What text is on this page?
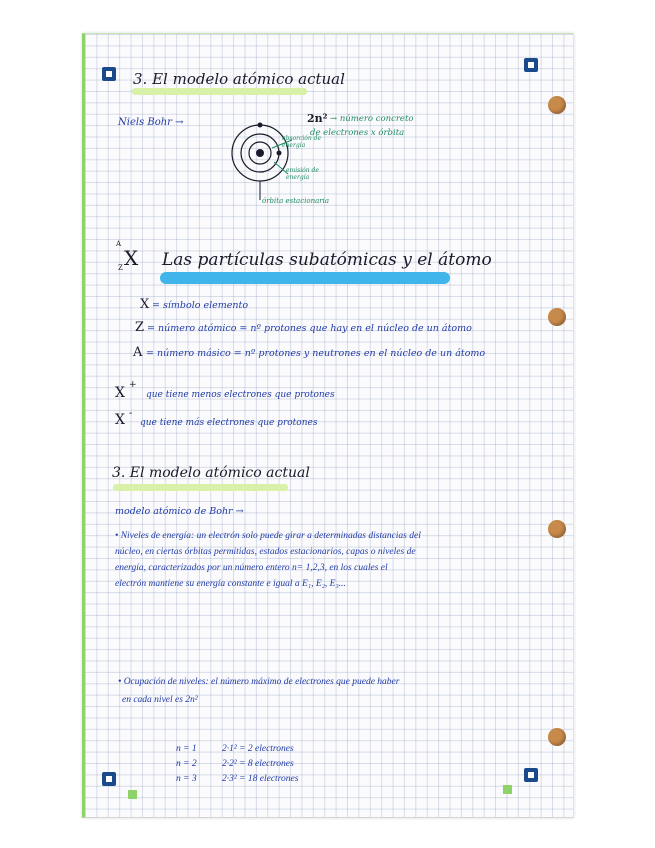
3. El modelo atómico actual
Niels Bohr →
absorción de energía
emisión de energía
órbita estacionaria
2n² → número concreto
de electrones x órbita
A
Z X Las partículas subatómicas y el átomo
X = símbolo elemento
Z = número atómico = nº protones que hay en el núcleo de un átomo
A = número másico = nº protones y neutrones en el núcleo de un átomo
X +
que tiene menos electrones que protones
X -
que tiene más electrones que protones
3. El modelo atómico actual
modelo atómico de Bohr →
• Niveles de energía: un electrón solo puede girar a determinadas distancias del
núcleo, en ciertas órbitas permitidas, estados estacionarios, capas o niveles de
energía, caracterizados por un número entero n= 1,2,3, en los cuales el
electrón mantiene su energía constante e igual a E₁, E₂, E₃...
• Ocupación de niveles: el número máximo de electrones que puede haber
en cada nivel es 2n²
n = 1	2·1² = 2 electrones
n = 2	2·2² = 8 electrones
n = 3	2·3² = 18 electrones
